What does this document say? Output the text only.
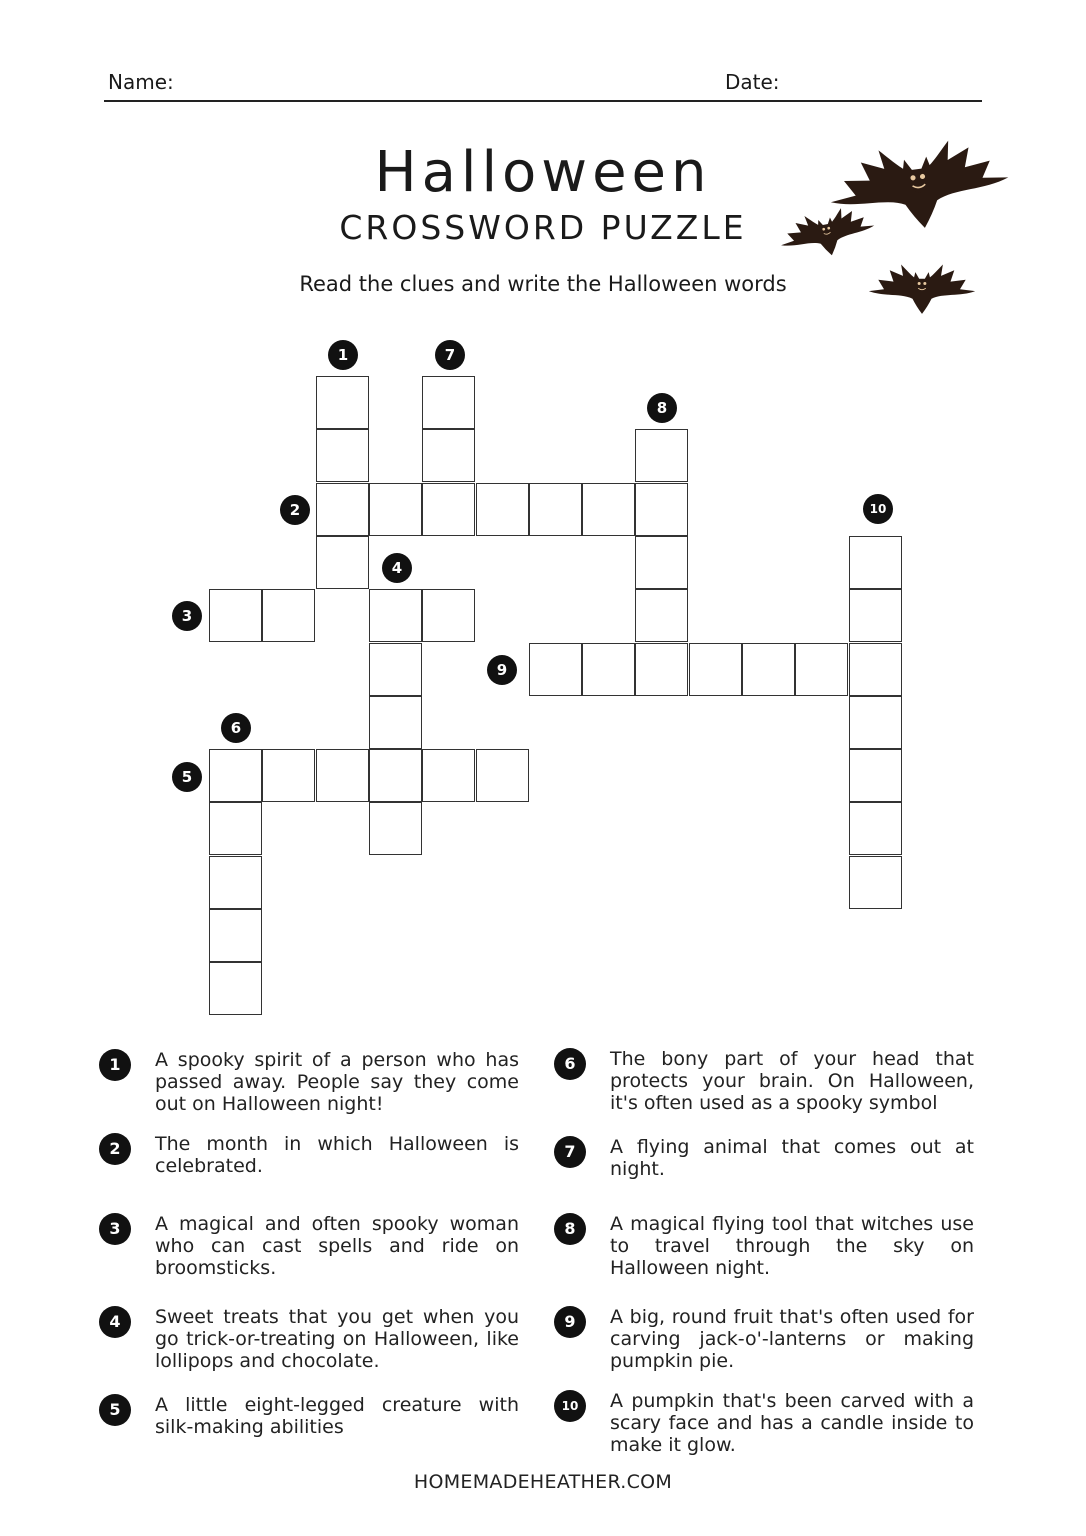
Name:	Date:
Halloween
CROSSWORD PUZZLE
Read the clues and write the Halloween words
1
2
3
4
5
6
7
8
9
10
HOMEMADEHEATHER.COM
1	A spooky spirit of a person who has passed away. People say they come out on Halloween night!
2	The month in which Halloween is celebrated.
3	A magical and often spooky woman who can cast spells and ride on broomsticks.
4	Sweet treats that you get when you go trick-or-treating on Halloween, like lollipops and chocolate.
5	A little eight-legged creature with silk-making abilities
6	The bony part of your head that protects your brain. On Halloween, it's often used as a spooky symbol
7	A flying animal that comes out at night.
8	A magical flying tool that witches use to travel through the sky on Halloween night.
9	A big, round fruit that's often used for carving jack-o'-lanterns or making pumpkin pie.
10	A pumpkin that's been carved with a scary face and has a candle inside to make it glow.
